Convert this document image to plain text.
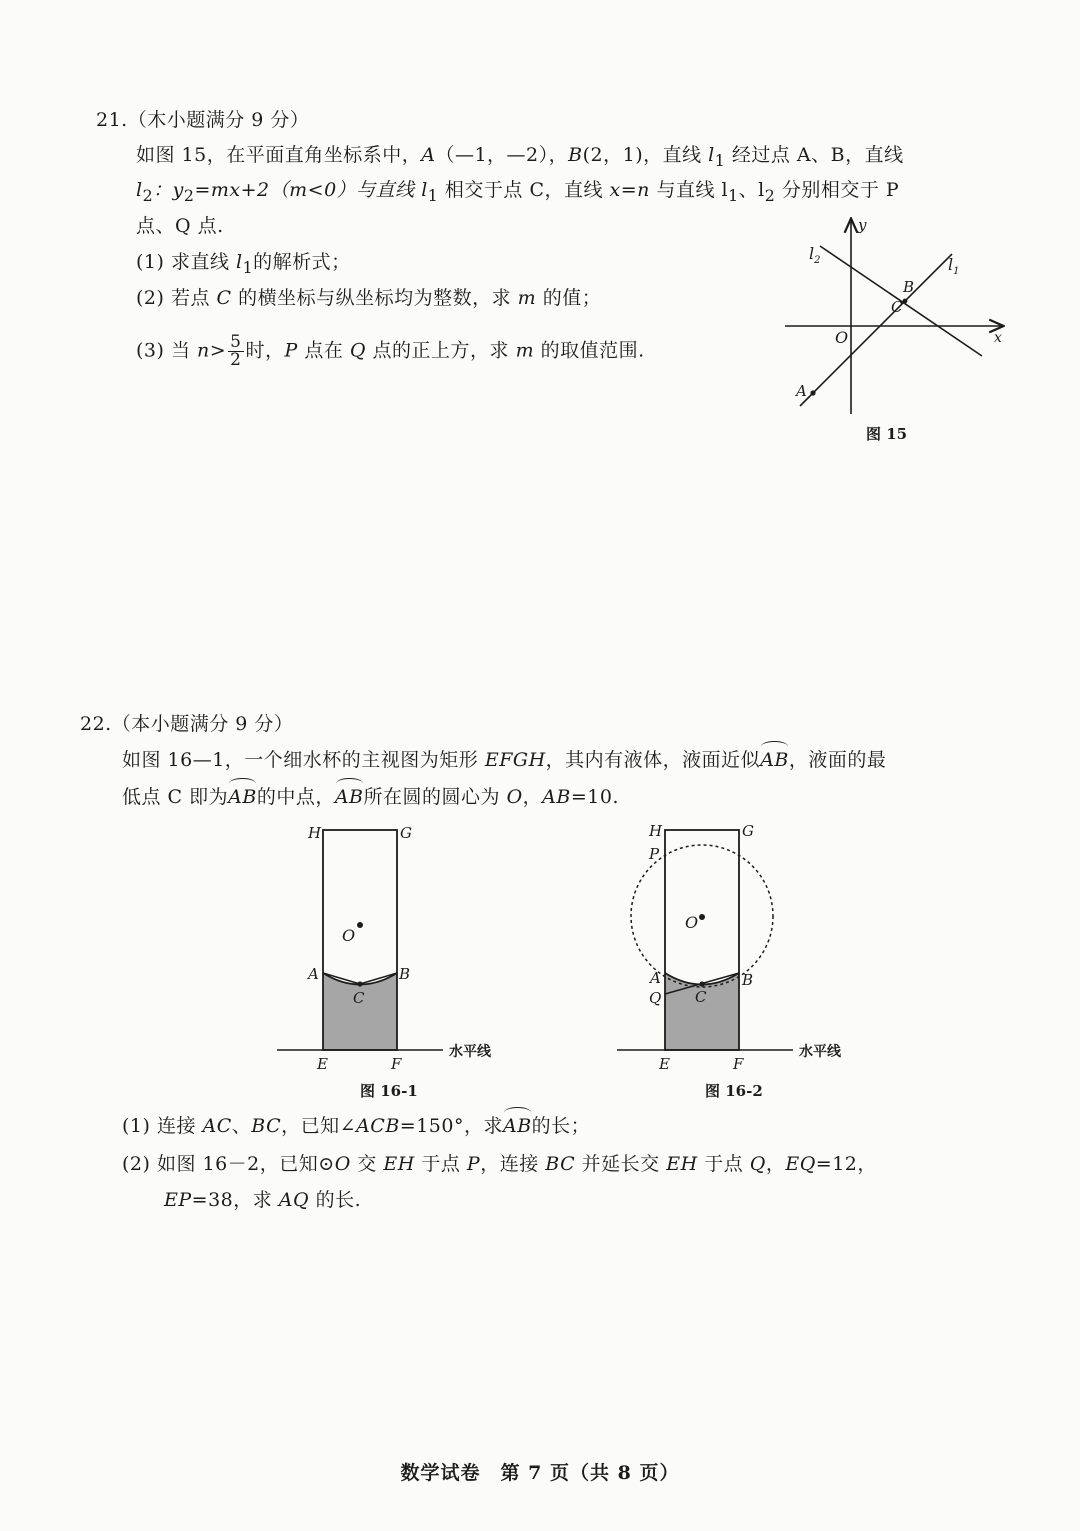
21.（木小题满分 9 分）
如图 15，在平面直角坐标系中，A（—1，—2），B(2，1)，直线 $l_1$ 经过点 A、B，直线
$l_2$：$y_2=mx+2(m<0)$与直线 $l_1$ 相交于点 C，直线 x=n 与直线 $l_1$、$l_2$ 分别相交于 P
点、Q 点.
(1) 求直线 $l_1$的解析式；
(2) 若点 C 的横坐标与纵坐标均为整数，求 m 的值；
(3) 当 $n> \frac{5}{2}$ 时，P 点在 Q 点的正上方，求 m 的取值范围.
y
x
O
$l_2$	$l_1$
B
C
A
图 15
22.（本小题满分 9 分）
如图 16—1，一个细水杯的主视图为矩形 EFGH，其内有液体，液面近似AB，液面的最
低点 C 即为AB的中点，AB所在圆的圆心为 O，AB=10.
H	G
O
A	B
C
E	F
水平线
图 16-1
H	G
P
O
A
Q
B
C
E	F
水平线
图 16-2
(1) 连接 AC、BC，已知∠ACB=150°，求AB的长；
(2) 如图 16－2，已知⊙O 交 EH 于点 P，连接 BC 并延长交 EH 于点 Q，EQ=12，
EP=38，求 AQ 的长.
数学试卷　第 7 页（共 8 页）
